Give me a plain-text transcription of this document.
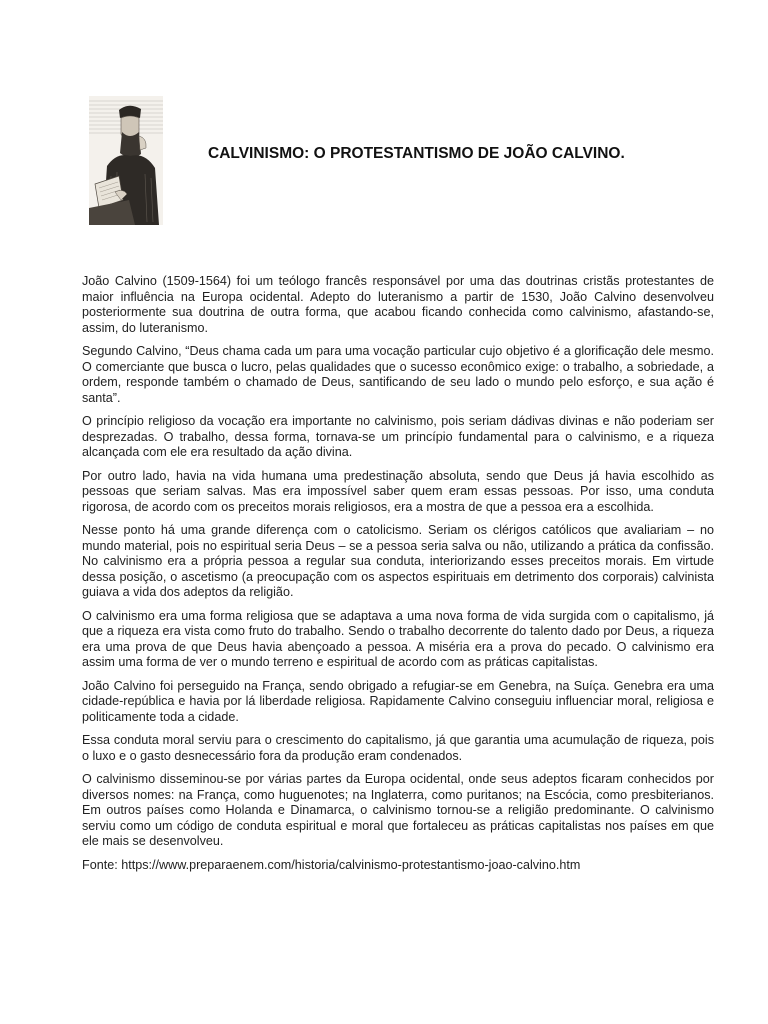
CALVINISMO: O PROTESTANTISMO DE JOÃO CALVINO.

João Calvino (1509-1564) foi um teólogo francês responsável por uma das doutrinas cristãs protestantes de maior influência na Europa ocidental. Adepto do luteranismo a partir de 1530, João Calvino desenvolveu posteriormente sua doutrina de outra forma, que acabou ficando conhecida como calvinismo, afastando-se, assim, do luteranismo.

Segundo Calvino, “Deus chama cada um para uma vocação particular cujo objetivo é a glorificação dele mesmo. O comerciante que busca o lucro, pelas qualidades que o sucesso econômico exige: o trabalho, a sobriedade, a ordem, responde também o chamado de Deus, santificando de seu lado o mundo pelo esforço, e sua ação é santa”.

O princípio religioso da vocação era importante no calvinismo, pois seriam dádivas divinas e não poderiam ser desprezadas. O trabalho, dessa forma, tornava-se um princípio fundamental para o calvinismo, e a riqueza alcançada com ele era resultado da ação divina.

Por outro lado, havia na vida humana uma predestinação absoluta, sendo que Deus já havia escolhido as pessoas que seriam salvas. Mas era impossível saber quem eram essas pessoas. Por isso, uma conduta rigorosa, de acordo com os preceitos morais religiosos, era a mostra de que a pessoa era a escolhida.

Nesse ponto há uma grande diferença com o catolicismo. Seriam os clérigos católicos que avaliariam – no mundo material, pois no espiritual seria Deus – se a pessoa seria salva ou não, utilizando a prática da confissão. No calvinismo era a própria pessoa a regular sua conduta, interiorizando esses preceitos morais. Em virtude dessa posição, o ascetismo (a preocupação com os aspectos espirituais em detrimento dos corporais) calvinista guiava a vida dos adeptos da religião.

O calvinismo era uma forma religiosa que se adaptava a uma nova forma de vida surgida com o capitalismo, já que a riqueza era vista como fruto do trabalho. Sendo o trabalho decorrente do talento dado por Deus, a riqueza era uma prova de que Deus havia abençoado a pessoa. A miséria era a prova do pecado. O calvinismo era assim uma forma de ver o mundo terreno e espiritual de acordo com as práticas capitalistas.

João Calvino foi perseguido na França, sendo obrigado a refugiar-se em Genebra, na Suíça. Genebra era uma cidade-república e havia por lá liberdade religiosa. Rapidamente Calvino conseguiu influenciar moral, religiosa e politicamente toda a cidade.

Essa conduta moral serviu para o crescimento do capitalismo, já que garantia uma acumulação de riqueza, pois o luxo e o gasto desnecessário fora da produção eram condenados.

O calvinismo disseminou-se por várias partes da Europa ocidental, onde seus adeptos ficaram conhecidos por diversos nomes: na França, como huguenotes; na Inglaterra, como puritanos; na Escócia, como presbiterianos. Em outros países como Holanda e Dinamarca, o calvinismo tornou-se a religião predominante. O calvinismo serviu como um código de conduta espiritual e moral que fortaleceu as práticas capitalistas nos países em que ele mais se desenvolveu.

Fonte: https://www.preparaenem.com/historia/calvinismo-protestantismo-joao-calvino.htm
